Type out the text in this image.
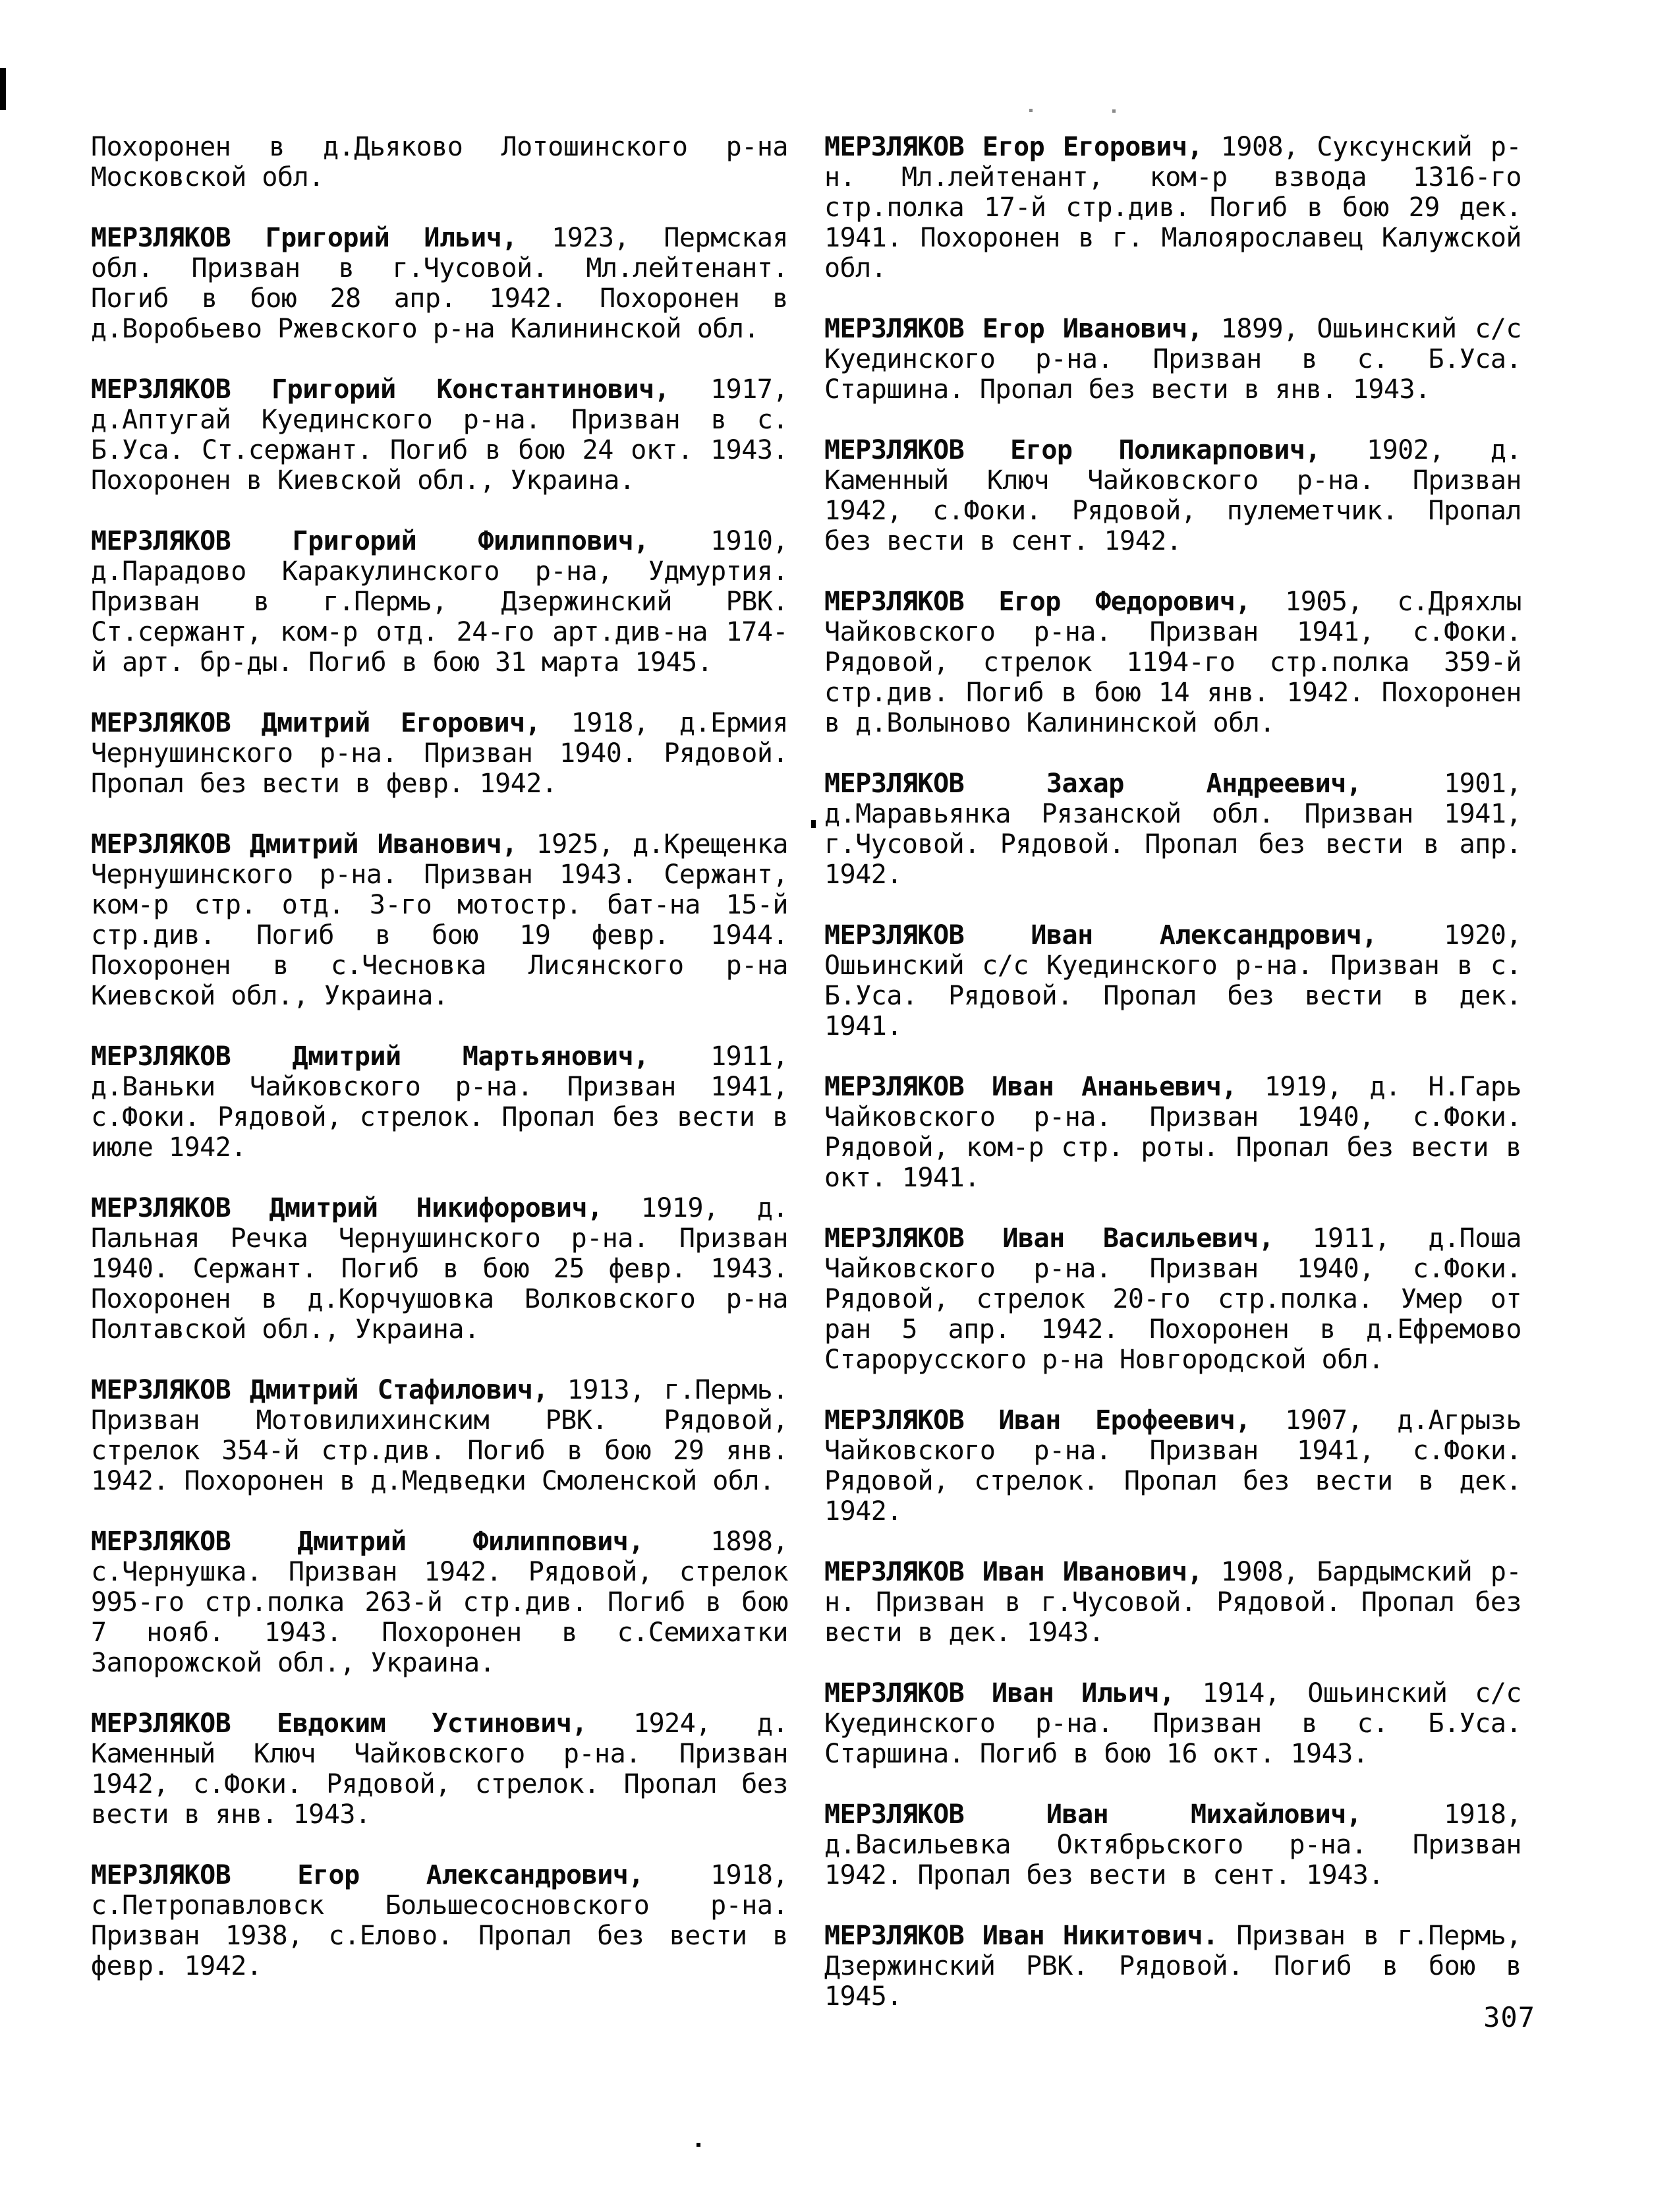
Похоронен в д.Дьяково Лотошинского р-на Московской обл.

МЕРЗЛЯКОВ Григорий Ильич, 1923, Пермская обл. Призван в г.Чусовой. Мл.лейтенант. Погиб в бою 28 апр. 1942. Похоронен в д.Воробьево Ржевского р-на Калининской обл.

МЕРЗЛЯКОВ Григорий Константинович, 1917, д.Аптугай Куединского р-на. Призван в с. Б.Уса. Ст.сержант. Погиб в бою 24 окт. 1943. Похоронен в Киевской обл., Украина.

МЕРЗЛЯКОВ Григорий Филиппович, 1910, д.Парадово Каракулинского р-на, Удмуртия. Призван в г.Пермь, Дзержинский РВК. Ст.сержант, ком-р отд. 24-го арт.див-на 174-й арт. бр-ды. Погиб в бою 31 марта 1945.

МЕРЗЛЯКОВ Дмитрий Егорович, 1918, д.Ермия Чернушинского р-на. Призван 1940. Рядовой. Пропал без вести в февр. 1942.

МЕРЗЛЯКОВ Дмитрий Иванович, 1925, д.Крещенка Чернушинского р-на. Призван 1943. Сержант, ком-р стр. отд. 3-го мотостр. бат-на 15-й стр.див. Погиб в бою 19 февр. 1944. Похоронен в с.Чесновка Лисянского р-на Киевской обл., Украина.

МЕРЗЛЯКОВ Дмитрий Мартьянович, 1911, д.Ваньки Чайковского р-на. Призван 1941, с.Фоки. Рядовой, стрелок. Пропал без вести в июле 1942.

МЕРЗЛЯКОВ Дмитрий Никифорович, 1919, д. Пальная Речка Чернушинского р-на. Призван 1940. Сержант. Погиб в бою 25 февр. 1943. Похоронен в д.Корчушовка Волковского р-на Полтавской обл., Украина.

МЕРЗЛЯКОВ Дмитрий Стафилович, 1913, г.Пермь. Призван Мотовилихинским РВК. Рядовой, стрелок 354-й стр.див. Погиб в бою 29 янв. 1942. Похоронен в д.Медведки Смоленской обл.

МЕРЗЛЯКОВ Дмитрий Филиппович,	1898, с.Чернушка. Призван 1942. Рядовой, стрелок 995-го стр.полка 263-й стр.див. Погиб в бою 7 нояб. 1943. Похоронен в с.Семихатки Запорожской обл., Украина.

МЕРЗЛЯКОВ Евдоким Устинович, 1924, д. Каменный Ключ Чайковского р-на. Призван 1942, с.Фоки. Рядовой, стрелок. Пропал без вести в янв. 1943.

МЕРЗЛЯКОВ Егор Александрович,	1918, с.Петропавловск Большесосновского р-на. Призван 1938, с.Елово. Пропал без вести в февр. 1942.

МЕРЗЛЯКОВ Егор Егорович, 1908, Суксунский р-н. Мл.лейтенант, ком-р взвода 1316-го стр.полка 17-й стр.див. Погиб в бою 29 дек. 1941. Похоронен в г. Малоярославец Калужской обл.

МЕРЗЛЯКОВ Егор Иванович, 1899, Ошьинский с/с Куединского р-на. Призван в с. Б.Уса. Старшина. Пропал без вести в янв. 1943.

МЕРЗЛЯКОВ Егор Поликарпович, 1902, д. Каменный Ключ Чайковского р-на. Призван 1942, с.Фоки. Рядовой, пулеметчик. Пропал без вести в сент. 1942.

МЕРЗЛЯКОВ Егор Федорович, 1905, с.Дряхлы Чайковского р-на. Призван 1941, с.Фоки. Рядовой, стрелок 1194-го стр.полка 359-й стр.див. Погиб в бою 14 янв. 1942. Похоронен в д.Волыново Калининской обл.

МЕРЗЛЯКОВ Захар Андреевич,	1901, д.Маравьянка Рязанской обл. Призван 1941, г.Чусовой. Рядовой. Пропал без вести в апр. 1942.

МЕРЗЛЯКОВ Иван Александрович,	1920, Ошьинский с/с Куединского р-на. Призван в с. Б.Уса. Рядовой. Пропал без вести в дек. 1941.

МЕРЗЛЯКОВ Иван Ананьевич, 1919, д. Н.Гарь Чайковского р-на. Призван 1940, с.Фоки. Рядовой, ком-р стр. роты. Пропал без вести в окт. 1941.

МЕРЗЛЯКОВ Иван Васильевич, 1911, д.Поша Чайковского р-на. Призван 1940, с.Фоки. Рядовой, стрелок 20-го стр.полка. Умер от ран 5 апр. 1942. Похоронен в д.Ефремово Старорусского р-на Новгородской обл.

МЕРЗЛЯКОВ Иван Ерофеевич, 1907, д.Агрызь Чайковского р-на. Призван 1941, с.Фоки. Рядовой, стрелок. Пропал без вести в дек. 1942.

МЕРЗЛЯКОВ Иван Иванович, 1908, Бардымский р-н. Призван в г.Чусовой. Рядовой. Пропал без вести в дек. 1943.

МЕРЗЛЯКОВ Иван Ильич, 1914, Ошьинский с/с Куединского р-на. Призван в с. Б.Уса. Старшина. Погиб в бою 16 окт. 1943.

МЕРЗЛЯКОВ Иван Михайлович,	1918, д.Васильевка Октябрьского р-на. Призван 1942. Пропал без вести в сент. 1943.

МЕРЗЛЯКОВ Иван Никитович. Призван в г.Пермь, Дзержинский РВК. Рядовой. Погиб в бою в 1945.

307
